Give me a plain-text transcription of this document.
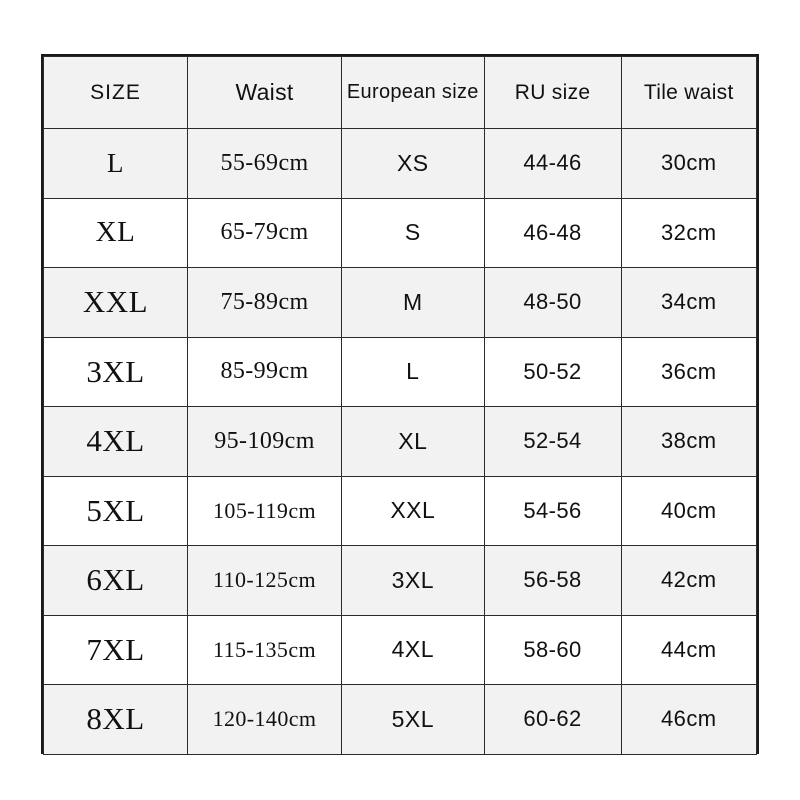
SIZE	Waist	European size	RU size	Tile waist
L	55-69cm	XS	44-46	30cm
XL	65-79cm	S	46-48	32cm
XXL	75-89cm	M	48-50	34cm
3XL	85-99cm	L	50-52	36cm
4XL	95-109cm	XL	52-54	38cm
5XL	105-119cm	XXL	54-56	40cm
6XL	110-125cm	3XL	56-58	42cm
7XL	115-135cm	4XL	58-60	44cm
8XL	120-140cm	5XL	60-62	46cm
